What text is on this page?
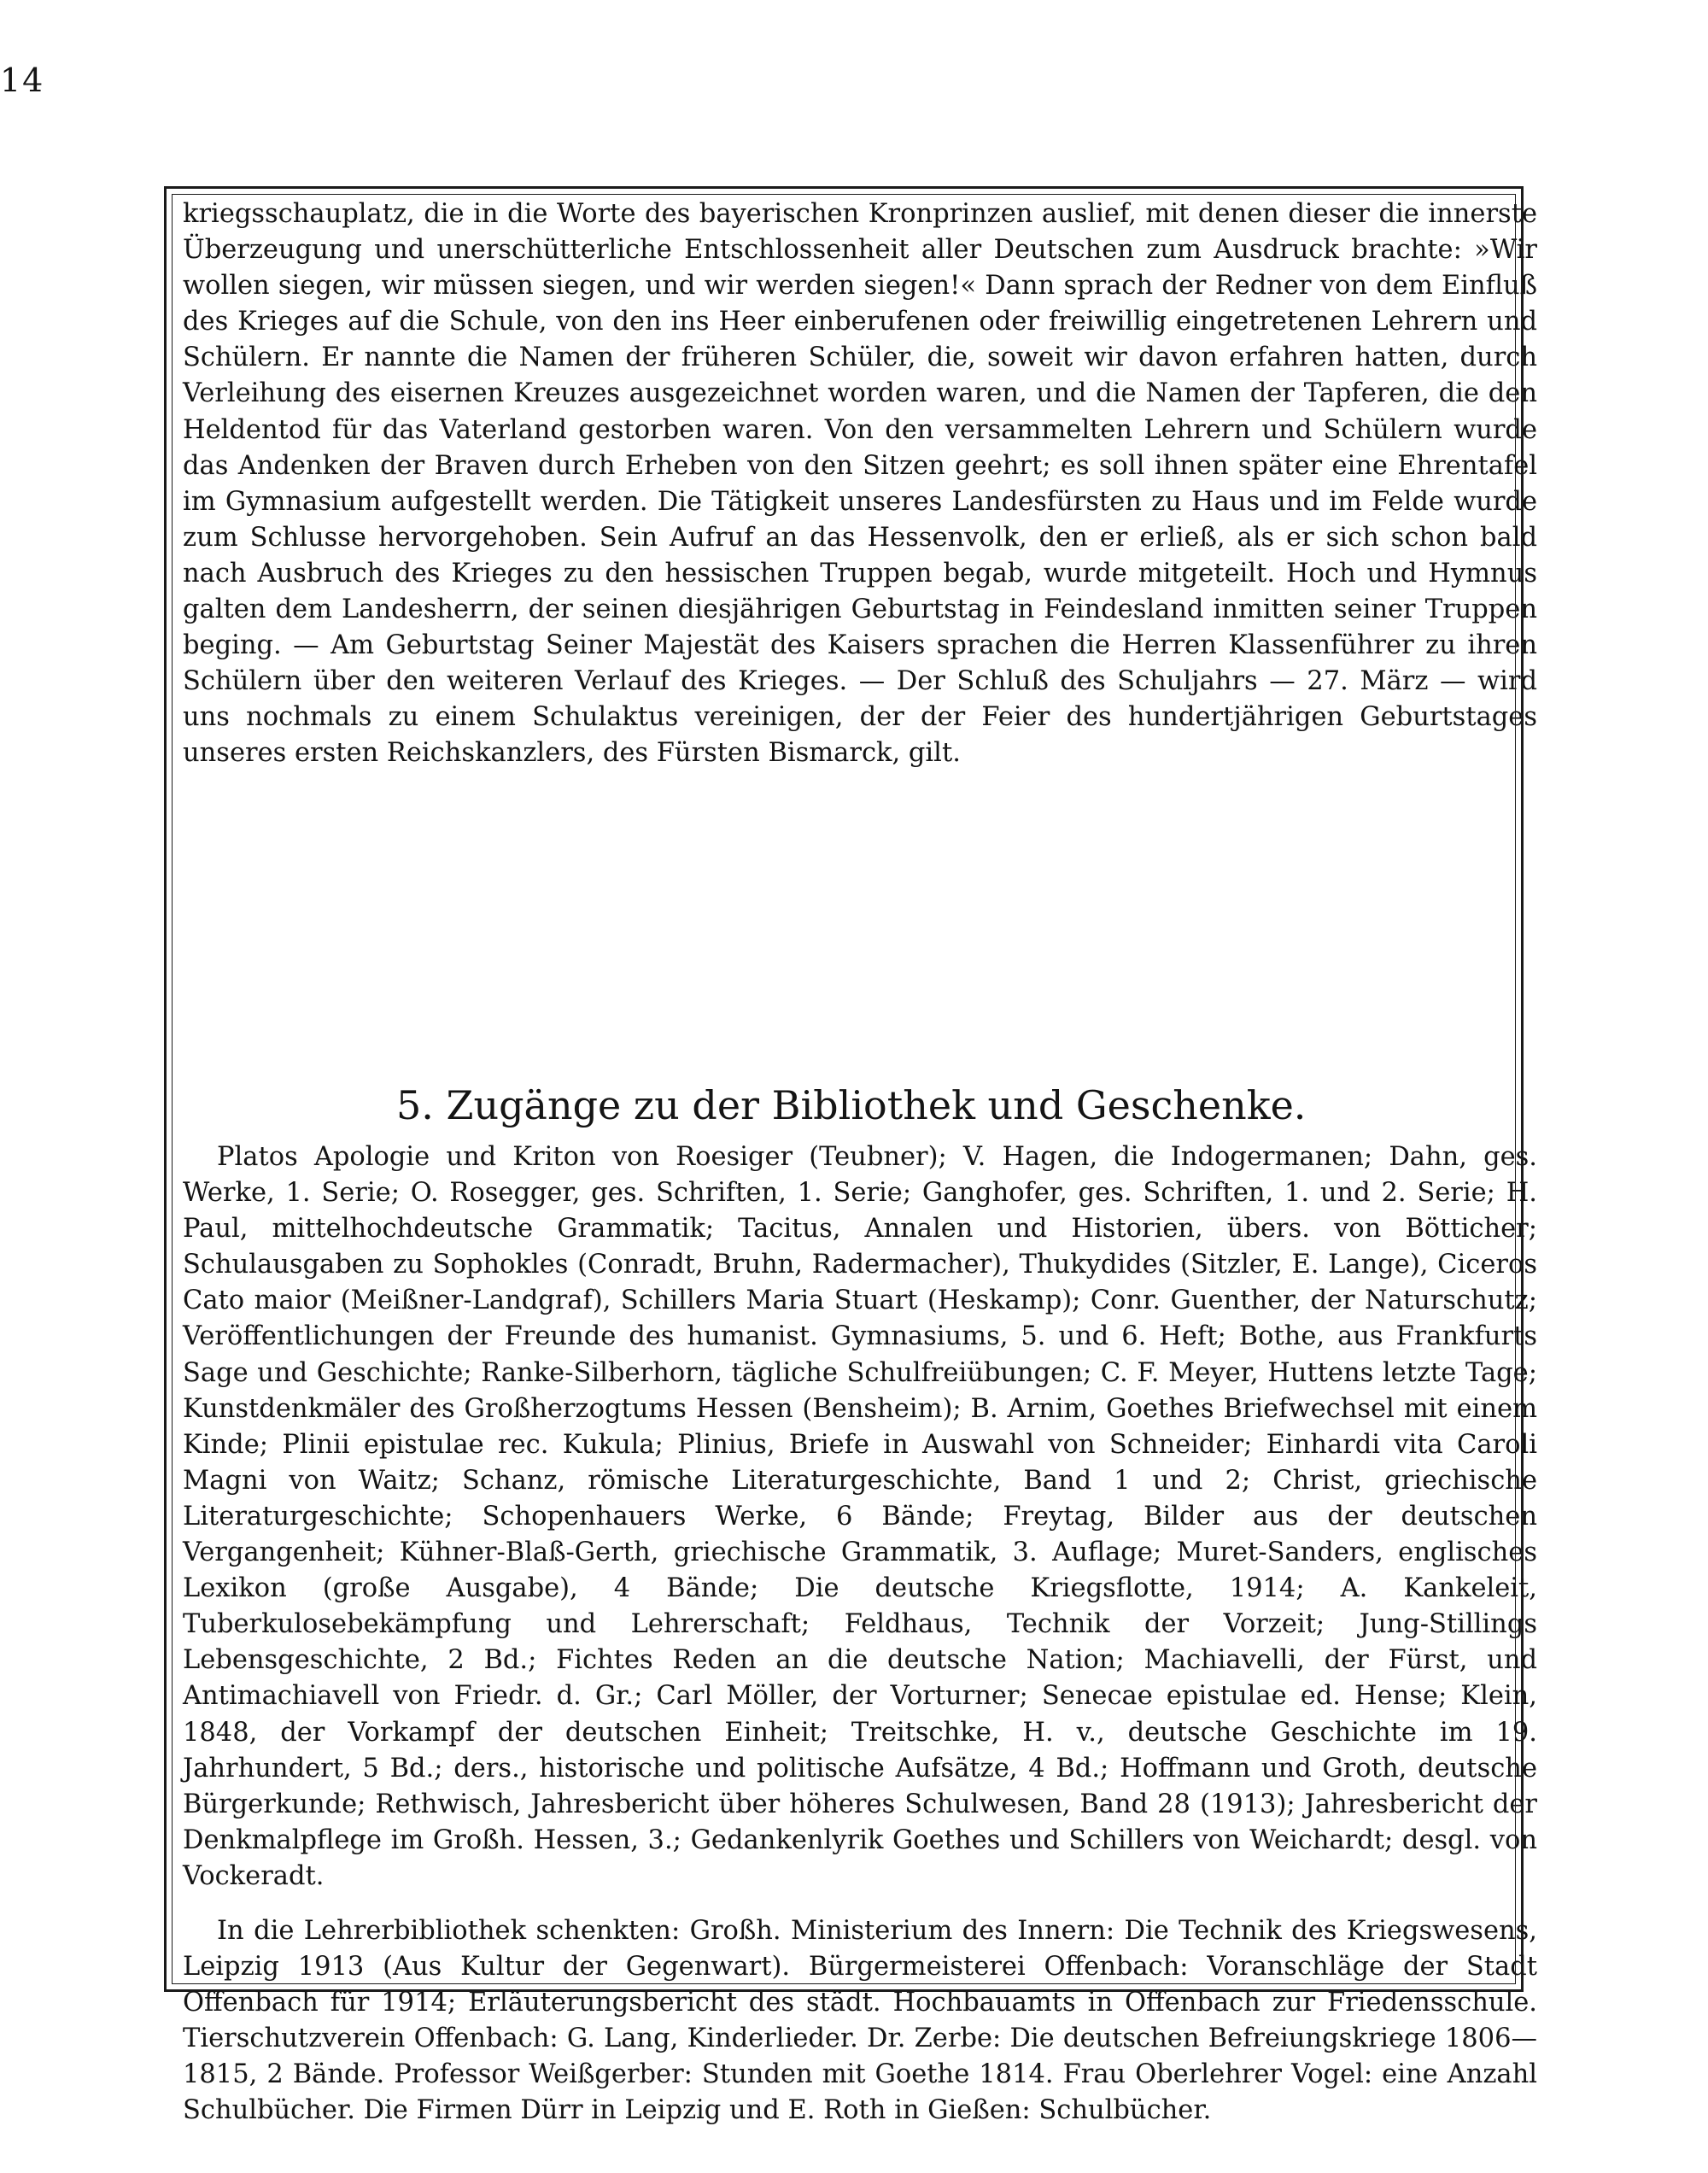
14

kriegsschauplatz, die in die Worte des bayerischen Kronprinzen auslief, mit denen dieser die innerste Überzeugung und unerschütterliche Entschlossenheit aller Deutschen zum Ausdruck brachte: »Wir wollen siegen, wir müssen siegen, und wir werden siegen!« Dann sprach der Redner von dem Einfluß des Krieges auf die Schule, von den ins Heer einberufenen oder freiwillig eingetretenen Lehrern und Schülern. Er nannte die Namen der früheren Schüler, die, soweit wir davon erfahren hatten, durch Verleihung des eisernen Kreuzes ausgezeichnet worden waren, und die Namen der Tapferen, die den Heldentod für das Vaterland gestorben waren. Von den versammelten Lehrern und Schülern wurde das Andenken der Braven durch Erheben von den Sitzen geehrt; es soll ihnen später eine Ehrentafel im Gymnasium aufgestellt werden. Die Tätigkeit unseres Landesfürsten zu Haus und im Felde wurde zum Schlusse hervorgehoben. Sein Aufruf an das Hessenvolk, den er erließ, als er sich schon bald nach Ausbruch des Krieges zu den hessischen Truppen begab, wurde mitgeteilt. Hoch und Hymnus galten dem Landesherrn, der seinen diesjährigen Geburtstag in Feindesland inmitten seiner Truppen beging. — Am Geburtstag Seiner Majestät des Kaisers sprachen die Herren Klassenführer zu ihren Schülern über den weiteren Verlauf des Krieges. — Der Schluß des Schuljahrs — 27. März — wird uns nochmals zu einem Schulaktus vereinigen, der der Feier des hundertjährigen Geburtstages unseres ersten Reichskanzlers, des Fürsten Bismarck, gilt.

5. Zugänge zu der Bibliothek und Geschenke.

Platos Apologie und Kriton von Roesiger (Teubner); V. Hagen, die Indogermanen; Dahn, ges. Werke, 1. Serie; O. Rosegger, ges. Schriften, 1. Serie; Ganghofer, ges. Schriften, 1. und 2. Serie; H. Paul, mittelhochdeutsche Grammatik; Tacitus, Annalen und Historien, übers. von Bötticher; Schulausgaben zu Sophokles (Conradt, Bruhn, Radermacher), Thukydides (Sitzler, E. Lange), Ciceros Cato maior (Meißner-Landgraf), Schillers Maria Stuart (Heskamp); Conr. Guenther, der Naturschutz; Veröffentlichungen der Freunde des humanist. Gymnasiums, 5. und 6. Heft; Bothe, aus Frankfurts Sage und Geschichte; Ranke-Silberhorn, tägliche Schulfreiübungen; C. F. Meyer, Huttens letzte Tage; Kunstdenkmäler des Großherzogtums Hessen (Bensheim); B. Arnim, Goethes Briefwechsel mit einem Kinde; Plinii epistulae rec. Kukula; Plinius, Briefe in Auswahl von Schneider; Einhardi vita Caroli Magni von Waitz; Schanz, römische Literaturgeschichte, Band 1 und 2; Christ, griechische Literaturgeschichte; Schopenhauers Werke, 6 Bände; Freytag, Bilder aus der deutschen Vergangenheit; Kühner-Blaß-Gerth, griechische Grammatik, 3. Auflage; Muret-Sanders, englisches Lexikon (große Ausgabe), 4 Bände; Die deutsche Kriegsflotte, 1914; A. Kankeleit, Tuberkulosebekämpfung und Lehrerschaft; Feldhaus, Technik der Vorzeit; Jung-Stillings Lebensgeschichte, 2 Bd.; Fichtes Reden an die deutsche Nation; Machiavelli, der Fürst, und Antimachiavell von Friedr. d. Gr.; Carl Möller, der Vorturner; Senecae epistulae ed. Hense; Klein, 1848, der Vorkampf der deutschen Einheit; Treitschke, H. v., deutsche Geschichte im 19. Jahrhundert, 5 Bd.; ders., historische und politische Aufsätze, 4 Bd.; Hoffmann und Groth, deutsche Bürgerkunde; Rethwisch, Jahresbericht über höheres Schulwesen, Band 28 (1913); Jahresbericht der Denkmalpflege im Großh. Hessen, 3.; Gedankenlyrik Goethes und Schillers von Weichardt; desgl. von Vockeradt.

In die Lehrerbibliothek schenkten: Großh. Ministerium des Innern: Die Technik des Kriegswesens, Leipzig 1913 (Aus Kultur der Gegenwart). Bürgermeisterei Offenbach: Voranschläge der Stadt Offenbach für 1914; Erläuterungsbericht des städt. Hochbauamts in Offenbach zur Friedensschule. Tierschutzverein Offenbach: G. Lang, Kinderlieder. Dr. Zerbe: Die deutschen Befreiungskriege 1806—1815, 2 Bände. Professor Weißgerber: Stunden mit Goethe 1814. Frau Oberlehrer Vogel: eine Anzahl Schulbücher. Die Firmen Dürr in Leipzig und E. Roth in Gießen: Schulbücher.
